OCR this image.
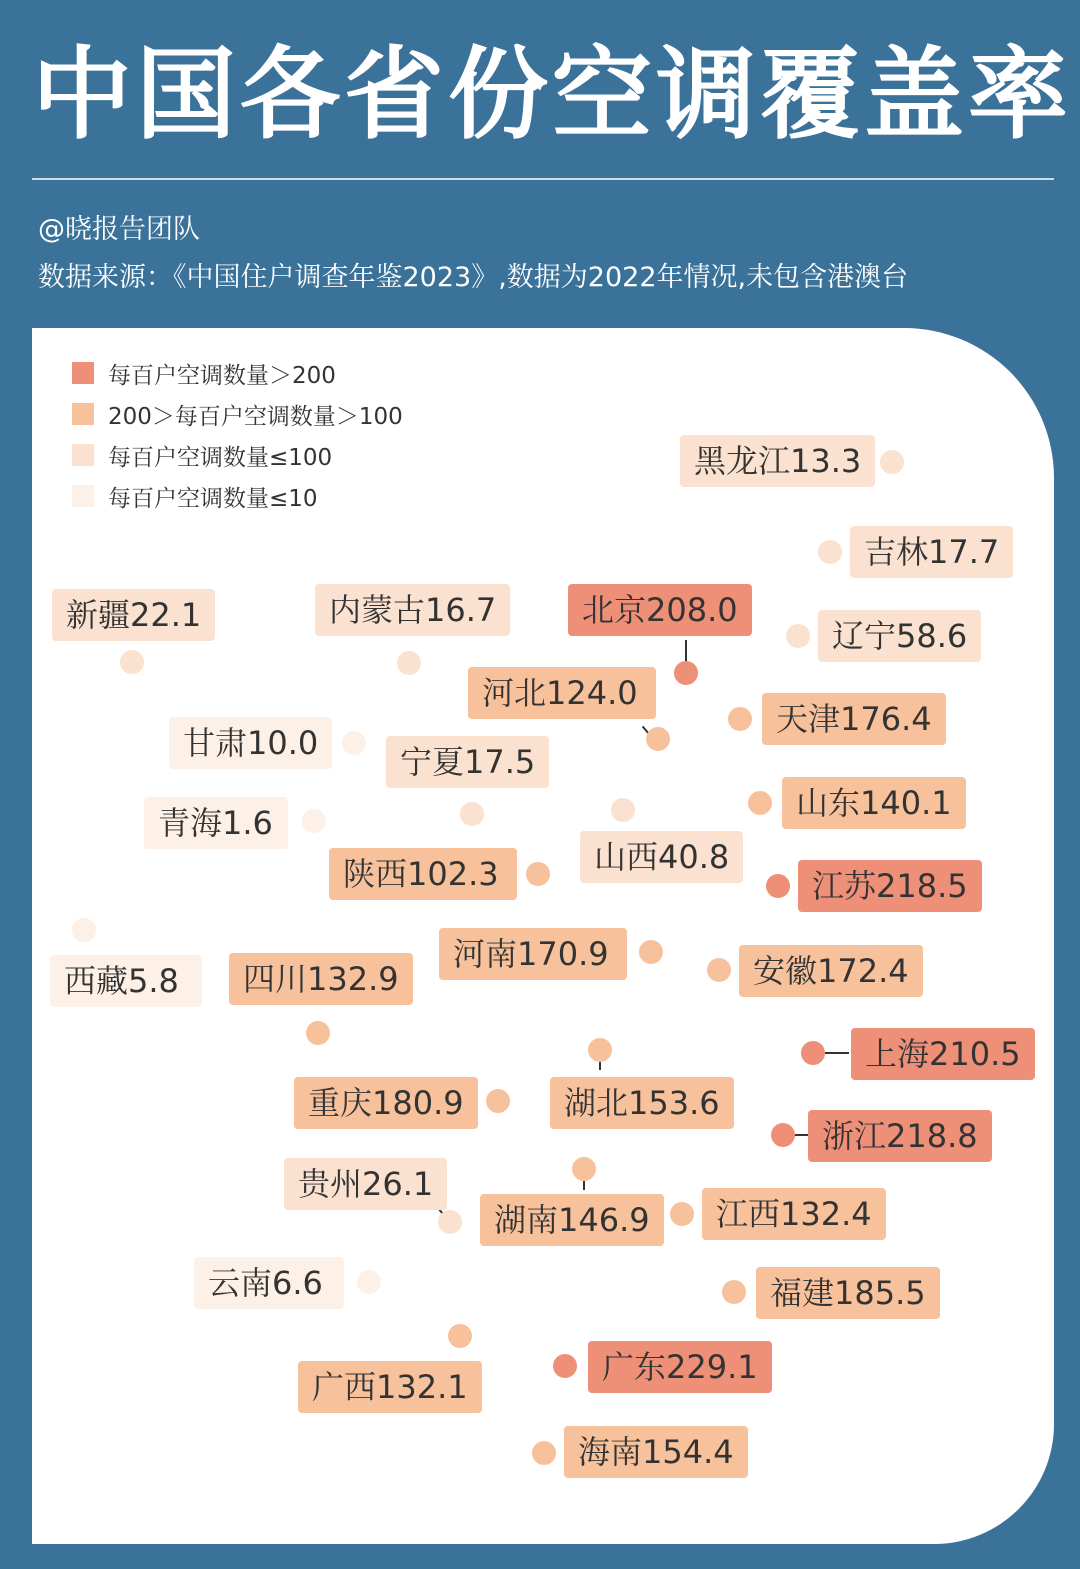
中国各省份空调覆盖率
@晓报告团队
数据来源：《中国住户调查年鉴2023》,数据为2022年情况,未包含港澳台
每百户空调数量＞200
200＞每百户空调数量＞100
每百户空调数量≤100
每百户空调数量≤10
黑龙江13.3
吉林17.7
辽宁58.6
新疆22.1	内蒙古16.7	北京208.0
河北124.0
天津176.4
甘肃10.0	宁夏17.5
青海1.6
山东140.1
陕西102.3	山西40.8
江苏218.5
西藏5.8	四川132.9
河南170.9	安徽172.4
上海210.5
重庆180.9	湖北153.6
浙江218.8
贵州26.1
湖南146.9	江西132.4
云南6.6	福建185.5
广西132.1
广东229.1
海南154.4
